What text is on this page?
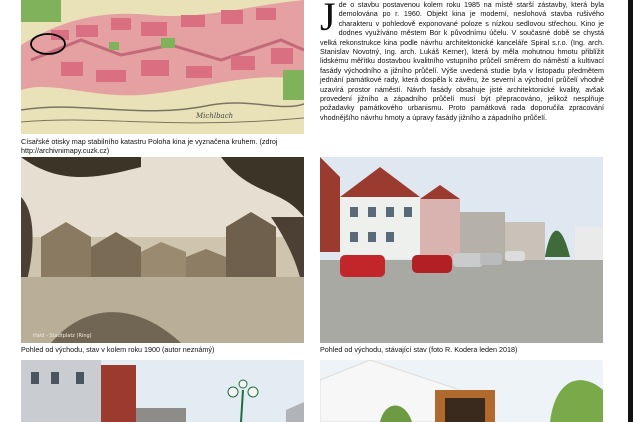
Michlbach
Císařské otisky map stabilního katastru Poloha kina je vyznačena kruhem. (zdroj http://archivnimapy.cuzk.cz)
Jde o stavbu postavenou kolem roku 1985 na místě starší zástavby, která byla demolována po r. 1960. Objekt kina je moderní, neslohová stavba rušivého charakteru v pohledově exponované poloze s nízkou sedlovou střechou. Kino je dodnes využíváno městem Bor k původnímu účelu. V současné době se chystá velká rekonstrukce kina podle návrhu architektonické kanceláře Spiral s.r.o. (Ing. arch. Stanislav Novotný, Ing. arch. Lukáš Kerner), která by měla mohutnou hmotu přiblížit lidskému měřítku dostavbou kvalitního vstupního průčelí směrem do náměstí a kultivací fasády východního a jižního průčelí. Výše uvedená studie byla v listopadu předmětem jednání památkové rady, která dospěla k závěru, že severní a východní průčelí vhodně uzavírá prostor náměstí. Návrh fasády obsahuje jisté architektonické kvality, avšak provedení jižního a západního průčelí musí být přepracováno, jelikož nesplňuje požadavky památkového urbanismu. Proto památková rada doporučila zpracování vhodnějšího návrhu hmoty a úpravy fasády jižního a západního průčelí.
Haid - Stadtplatz (Ring)
Pohled od východu, stav v kolem roku 1900 (autor neznámý)	Pohled od východu, stávající stav (foto R. Kodera leden 2018)
